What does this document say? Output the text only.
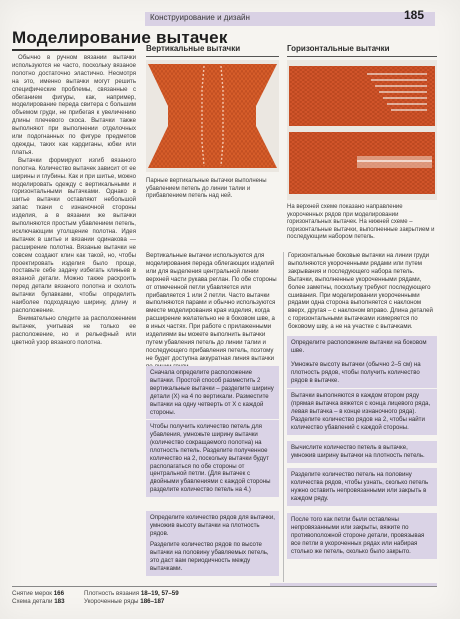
Конструирование и дизайн	185
Моделирование вытачек

Обычно в ручном вязании вытачки используются не часто, поскольку вязаное полотно достаточно эластично. Несмотря на это, именно вытачки могут решить специфические проблемы, связанные с обеганием фигуры, как, например, моделирование переда свитера с большим объемом груди, не прибегая к увеличению длины плечевого скоса. Вытачки также выполняют при выполнении отделочных или подогнанных по фигуре предметов одежды, таких как кардиганы, юбки или платья.

Вытачки формируют изгиб вязаного полотна. Количество вытачек зависит от ее ширины и глубины. Как и при шитье, можно моделировать одежду с вертикальными и горизонтальными вытачками. Однако в шитье вытачки оставляют небольшой запас ткани с изнаночной стороны изделия, а в вязании же вытачки выполняются простым убавлением петель, исключающим утолщение полотна. Идея вытачек в шитье и вязании одинакова — расширение полотна. Вязаные вытачки не совсем создают клин как такой, но, чтобы проектировать изделия было проще, поставьте себе задачу избегать клиньев в вязаной детали. Можно также раскроить перед детали вязаного полотна и сколоть вытачки булавками, чтобы определить наиболее подходящую ширину, длину и расположение.

Внимательно следите за расположением вытачек, учитывая не только ее расположение, но и рельефный или цветной узор вязаного полотна.

Вертикальные вытачки	Горизонтальные вытачки
Парные вертикальные вытачки выполнены убавлением петель до линии талии и прибавлением петель над ней.
На верхней схеме показано направление укороченных рядов при моделировании горизонтальных вытачек. На нижней схеме – горизонтальные вытачки, выполненные закрытием и последующим набором петель.
Вертикальные вытачки используются для моделирования переда облегающих изделий или для выделения центральной линии верхней части рукава реглан. По обе стороны от отмеченной петли убавляется или прибавляется 1 или 2 петли. Часто вытачки выполняются парами и обычно используются вместе моделирования края изделия, когда расширение желательно не в боковом шве, а в иных частях. При работе с прилаженными изделиями вы можете выполнить вытачки путем убавления петель до линии талии и последующего прибавления петель, поэтому не будет доступна аккуратная линия вытачки
Сначала определите расположение вытачки. Простой способ разместить 2 вертикальные вытачки – разделите ширину детали (X) на 4 по вертикали. Разместите вытачки на одну четверть от X с каждой стороны.
Чтобы получить количество петель для убавления, умножьте ширину вытачки (количество сокращаемого полотна) на плотность петель. Разделите полученное количество на 2, поскольку вытачки будут располагаться по обе стороны от центральной петли. (Для вытачек с двойными убавлениями с каждой стороны разделите количество петель на 4.)
Определите количество рядов для вытачки, умножив высоту вытачки на плотность рядов.
Разделите количество рядов по высоте вытачки на половину убавляемых петель, это даст вам периодичность между вытачками.
Горизонтальные боковые вытачки на линии груди выполняются укороченными рядами или путем закрывания и последующего набора петель. Вытачки, выполненные укороченными рядами, более заметны, поскольку требуют последующего сшивания. При моделировании укороченными рядами одна сторона выполняется с наклоном вверх, другая – с наклоном вправо. Длина деталей с горизонтальными вытачками измеряется по боковому шву, а не на участке с вытачками.
Определите расположение вытачки на боковом шве.
Умножьте высоту вытачки (обычно 2–5 см) на плотность рядов, чтобы получить количество рядов в вытачке.
Вытачки выполняются в каждом втором ряду (прямая вытачка вяжется с конца лицевого ряда, левая вытачка – в конце изнаночного ряда). Разделите количество рядов на 2, чтобы найти количество убавлений с каждой стороны.
Вычислите количество петель в вытачке, умножив ширину вытачки на плотность петель.
Разделите количество петель на половину количества рядов, чтобы узнать, сколько петель нужно оставить непровязанными или закрыть в каждом ряду.
После того как петли были оставлены непровязанными или закрыты, вяжите по противоположной стороне детали, провязывая все петли в укороченных рядах или набирая столько же петель, сколько было закрыто.
Снятие мерок 166
Схема детали 183
Плотность вязания 18–19, 57–59
Укороченные ряды 186–187
